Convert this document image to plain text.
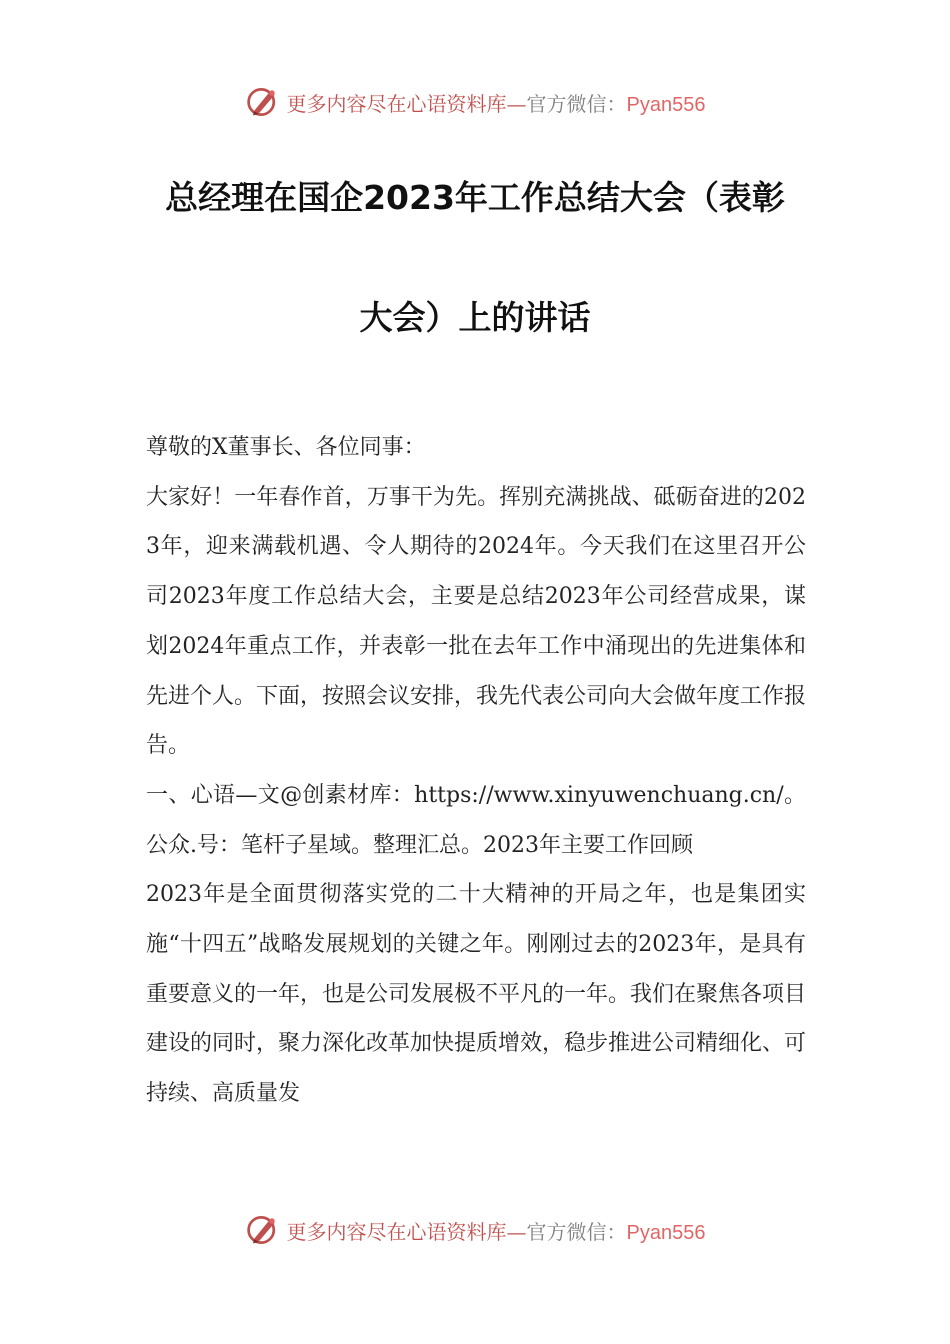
更多内容尽在心语资料库—官方微信：Pyan556
总经理在国企2023年工作总结大会（表彰
大会）上的讲话

尊敬的X董事长、各位同事：

大家好！一年春作首，万事干为先。挥别充满挑战、砥砺奋进的2023年，迎来满载机遇、令人期待的2024年。今天我们在这里召开公司2023年度工作总结大会，主要是总结2023年公司经营成果，谋划2024年重点工作，并表彰一批在去年工作中涌现出的先进集体和先进个人。下面，按照会议安排，我先代表公司向大会做年度工作报告。

一、心语—文@创素材库：https://www.xinyuwenchuang.cn/。公众.号：笔杆子星域。整理汇总。2023年主要工作回顾

2023年是全面贯彻落实党的二十大精神的开局之年，也是集团实施“十四五”战略发展规划的关键之年。刚刚过去的2023年，是具有重要意义的一年，也是公司发展极不平凡的一年。我们在聚焦各项目建设的同时，聚力深化改革加快提质增效，稳步推进公司精细化、可持续、高质量发

更多内容尽在心语资料库—官方微信：Pyan556
